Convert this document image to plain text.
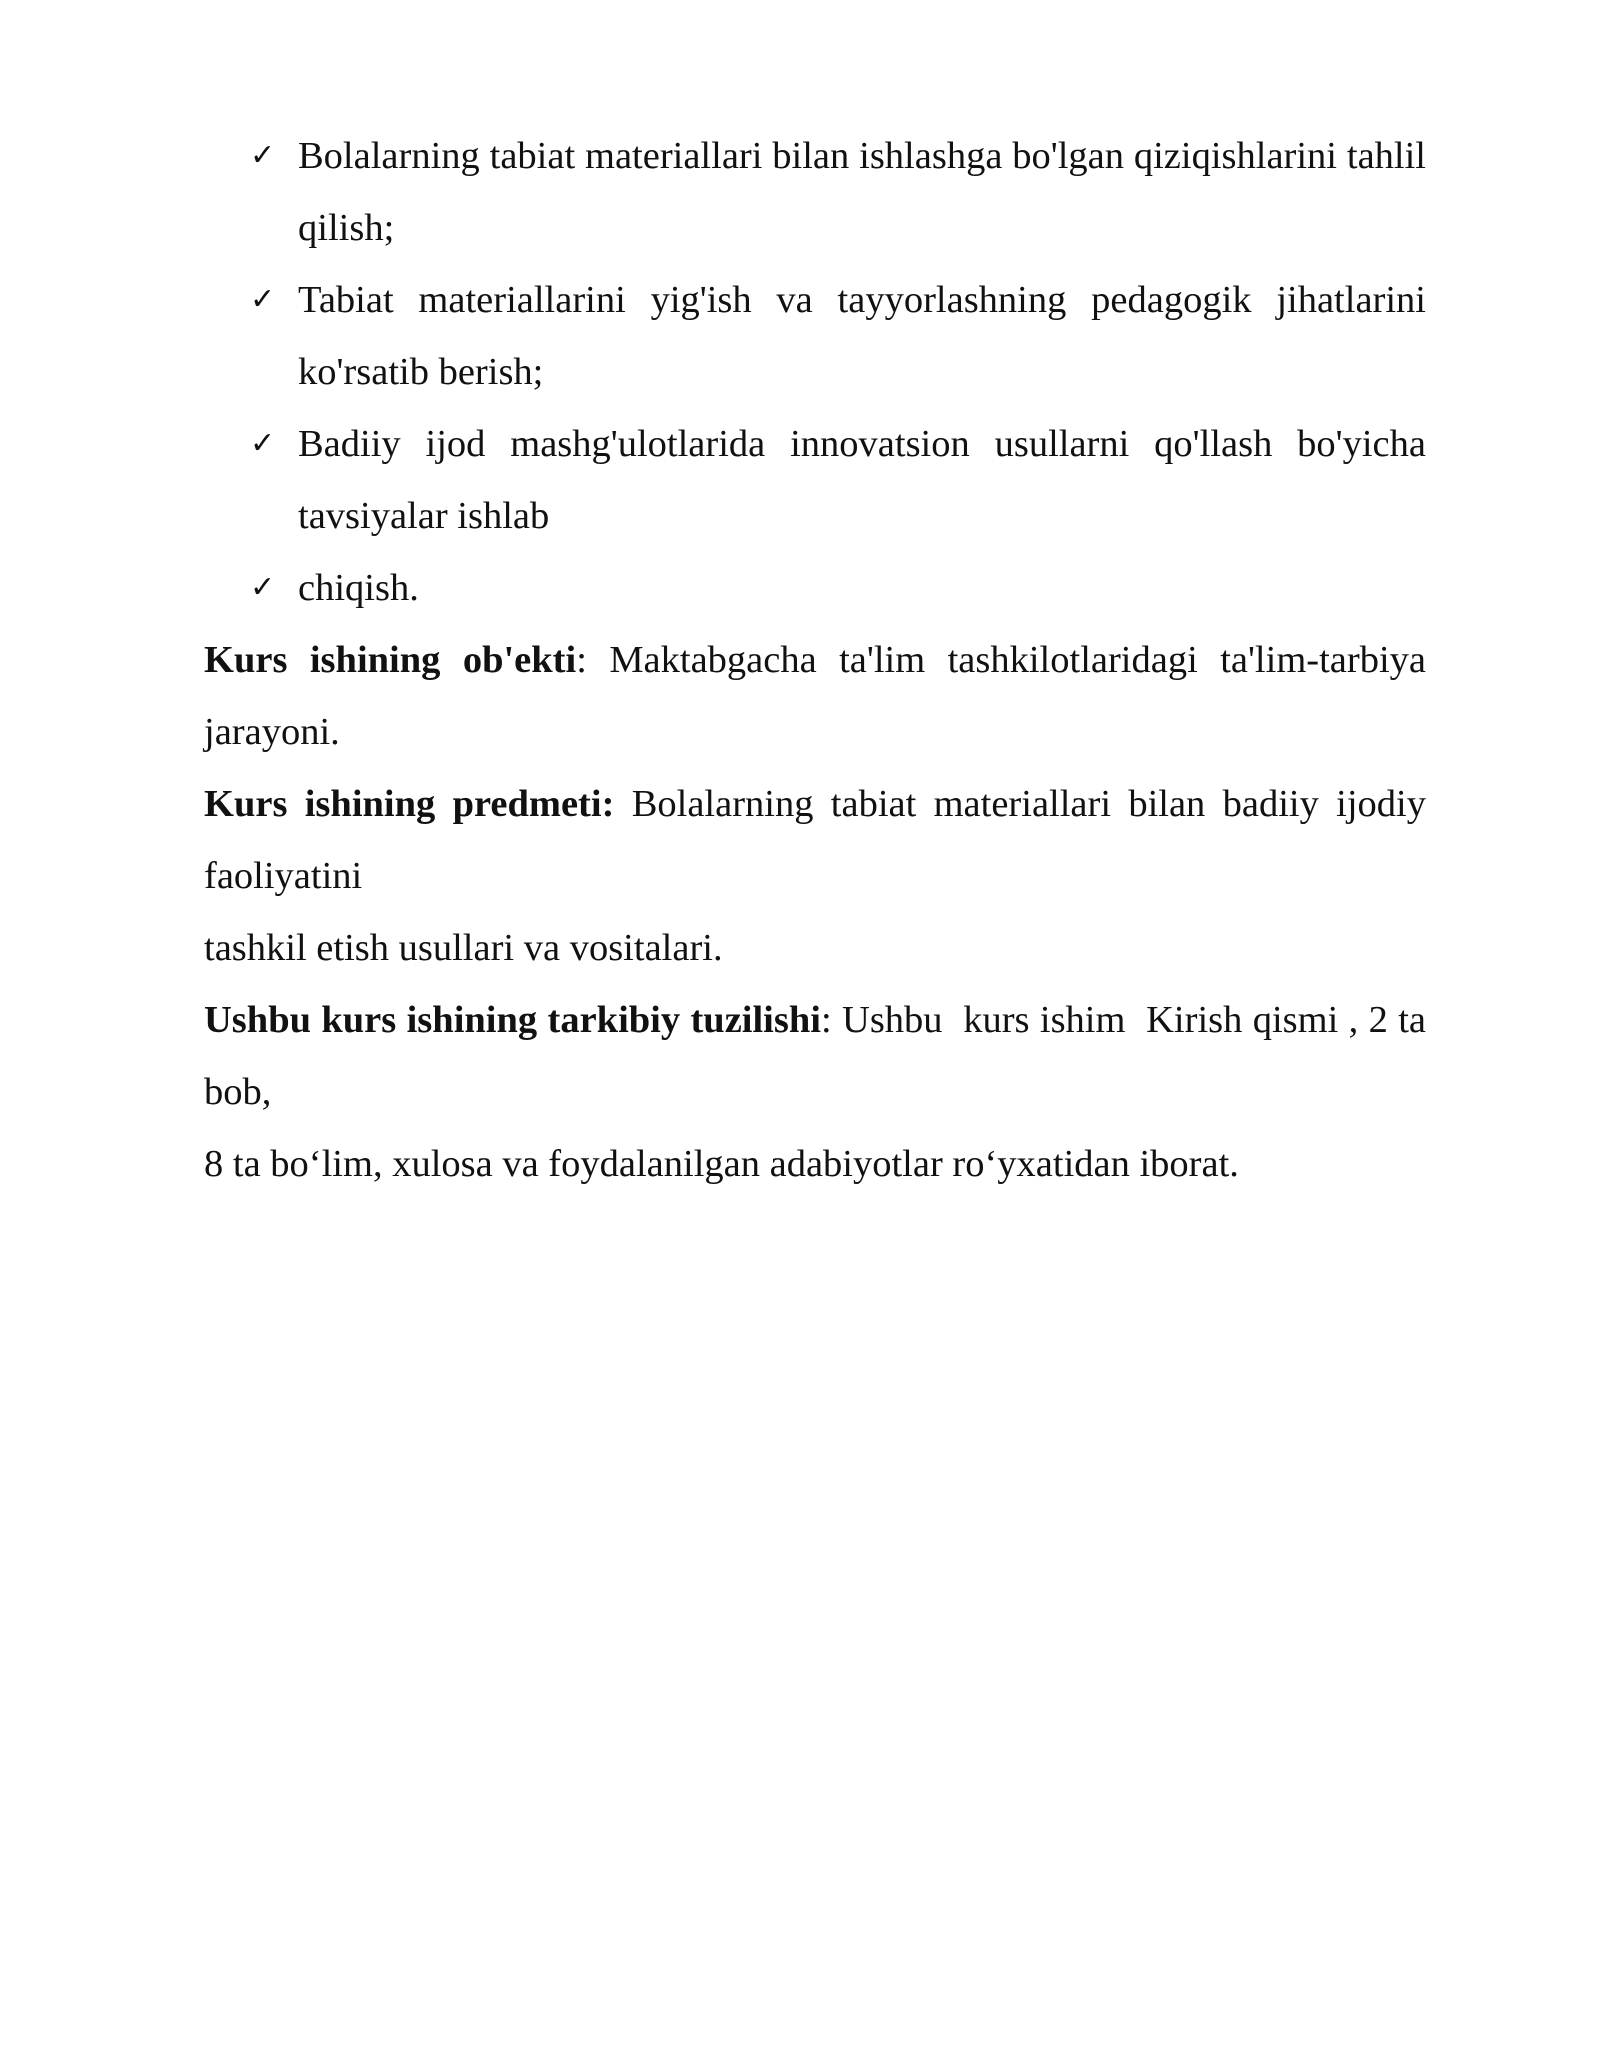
✓ Bolalarning tabiat materiallari bilan ishlashga bo'lgan qiziqishlarini tahlil qilish;
✓ Tabiat materiallarini yig'ish va tayyorlashning pedagogik jihatlarini ko'rsatib berish;
✓ Badiiy ijod mashg'ulotlarida innovatsion usullarni qo'llash bo'yicha tavsiyalar ishlab
✓ chiqish.

Kurs ishining ob'ekti: Maktabgacha ta'lim tashkilotlaridagi ta'lim-tarbiya jarayoni.

Kurs ishining predmeti: Bolalarning tabiat materiallari bilan badiiy ijodiy faoliyatini

tashkil etish usullari va vositalari.

Ushbu kurs ishining tarkibiy tuzilishi: Ushbu  kurs ishim  Kirish qismi , 2 ta bob,

8 ta bo‘lim, xulosa va foydalanilgan adabiyotlar ro‘yxatidan iborat.
